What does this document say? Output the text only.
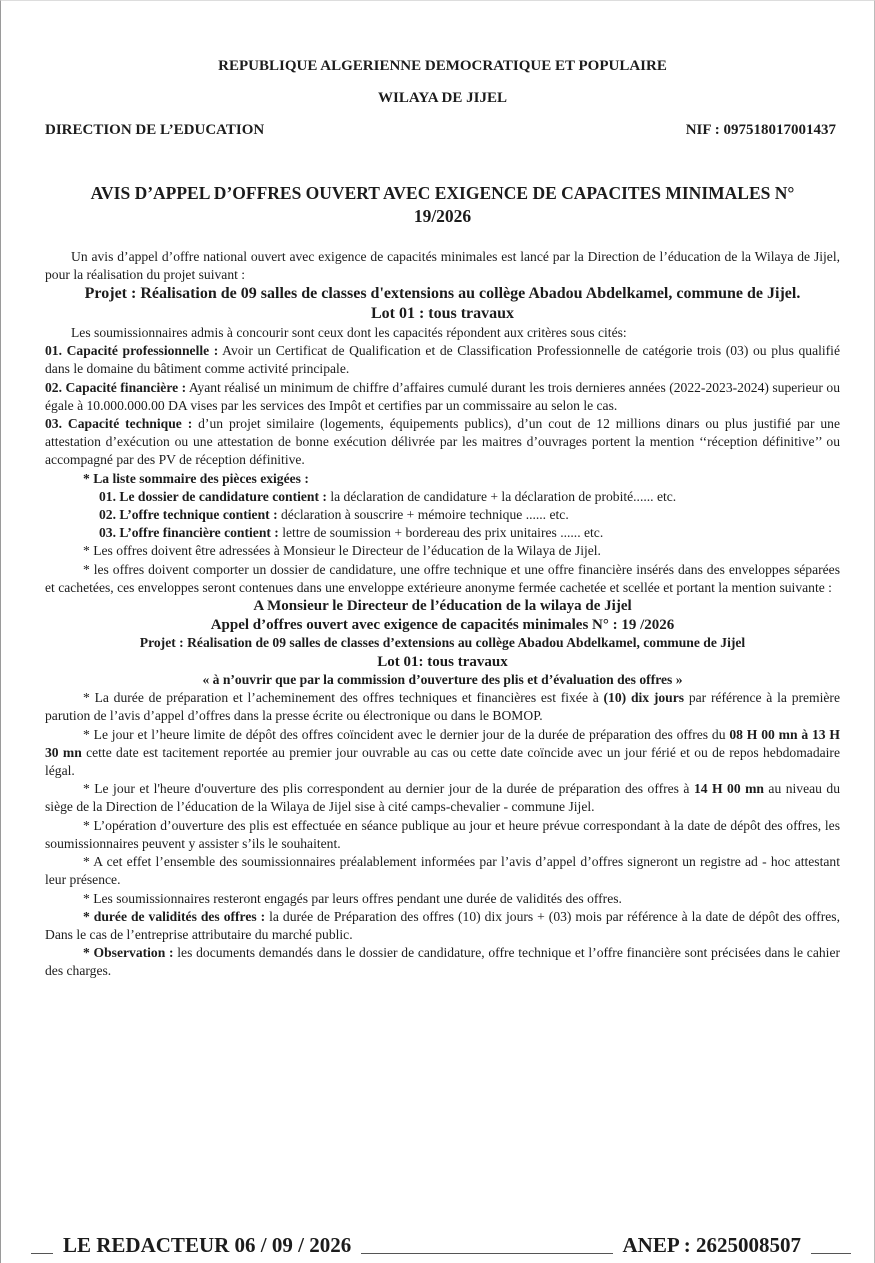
REPUBLIQUE ALGERIENNE DEMOCRATIQUE ET POPULAIRE
WILAYA DE JIJEL
DIRECTION DE L’EDUCATION	NIF : 097518017001437
AVIS D’APPEL D’OFFRES OUVERT AVEC EXIGENCE DE CAPACITES MINIMALES N° 19/2026

Un avis d’appel d’offre national ouvert avec exigence de capacités minimales est lancé par la Direction de l’éducation de la Wilaya de Jijel, pour la réalisation du projet suivant :

Projet : Réalisation de 09 salles de classes d'extensions au collège Abadou Abdelkamel, commune de Jijel.
Lot 01 : tous travaux

Les soumissionnaires admis à concourir sont ceux dont les capacités répondent aux critères sous cités:

01. Capacité professionnelle : Avoir un Certificat de Qualification et de Classification Professionnelle de catégorie trois (03) ou plus qualifié dans le domaine du bâtiment comme activité principale.

02. Capacité financière : Ayant réalisé un minimum de chiffre d’affaires cumulé durant les trois dernieres années (2022-2023-2024) superieur ou égale à 10.000.000.00 DA vises par les services des Impôt et certifies par un commissaire au selon le cas.

03. Capacité technique : d’un projet similaire (logements, équipements publics), d’un cout de 12 millions dinars ou plus justifié par une attestation d’exécution ou une attestation de bonne exécution délivrée par les maitres d’ouvrages portent la mention ‘‘réception définitive’’ ou accompagné par des PV de réception définitive.

* La liste sommaire des pièces exigées :

01. Le dossier de candidature contient : la déclaration de candidature + la déclaration de probité...... etc.

02. L’offre technique contient : déclaration à souscrire + mémoire technique ...... etc.

03. L’offre financière contient : lettre de soumission + bordereau des prix unitaires ...... etc.

* Les offres doivent être adressées à Monsieur le Directeur de l’éducation de la Wilaya de Jijel.

* les offres doivent comporter un dossier de candidature, une offre technique et une offre financière insérés dans des enveloppes séparées et cachetées, ces enveloppes seront contenues dans une enveloppe extérieure anonyme fermée cachetée et scellée et portant la mention suivante :

A Monsieur le Directeur de l’éducation de la wilaya de Jijel
Appel d’offres ouvert avec exigence de capacités minimales N° : 19 /2026
Projet : Réalisation de 09 salles de classes d’extensions au collège Abadou Abdelkamel, commune de Jijel
Lot 01: tous travaux
« à n’ouvrir que par la commission d’ouverture des plis et d’évaluation des offres »

* La durée de préparation et l’acheminement des offres techniques et financières est fixée à (10) dix jours par référence à la première parution de l’avis d’appel d’offres dans la presse écrite ou électronique ou dans le BOMOP.

* Le jour et l’heure limite de dépôt des offres coïncident avec le dernier jour de la durée de préparation des offres du 08 H 00 mn à 13 H 30 mn cette date est tacitement reportée au premier jour ouvrable au cas ou cette date coïncide avec un jour férié et ou de repos hebdomadaire légal.

* Le jour et l'heure d'ouverture des plis correspondent au dernier jour de la durée de préparation des offres à 14 H 00 mn au niveau du siège de la Direction de l’éducation de la Wilaya de Jijel sise à cité camps-chevalier - commune Jijel.

* L’opération d’ouverture des plis est effectuée en séance publique au jour et heure prévue correspondant à la date de dépôt des offres, les soumissionnaires peuvent y assister s’ils le souhaitent.

* A cet effet l’ensemble des soumissionnaires préalablement informées par l’avis d’appel d’offres signeront un registre ad - hoc attestant leur présence.

* Les soumissionnaires resteront engagés par leurs offres pendant une durée de validités des offres.

* durée de validités des offres : la durée de Préparation des offres (10) dix jours + (03) mois par référence à la date de dépôt des offres, Dans le cas de l’entreprise attributaire du marché public.

* Observation : les documents demandés dans le dossier de candidature, offre technique et l’offre financière sont précisées dans le cahier des charges.

LE REDACTEUR 06 / 09 / 2026	ANEP : 2625008507
